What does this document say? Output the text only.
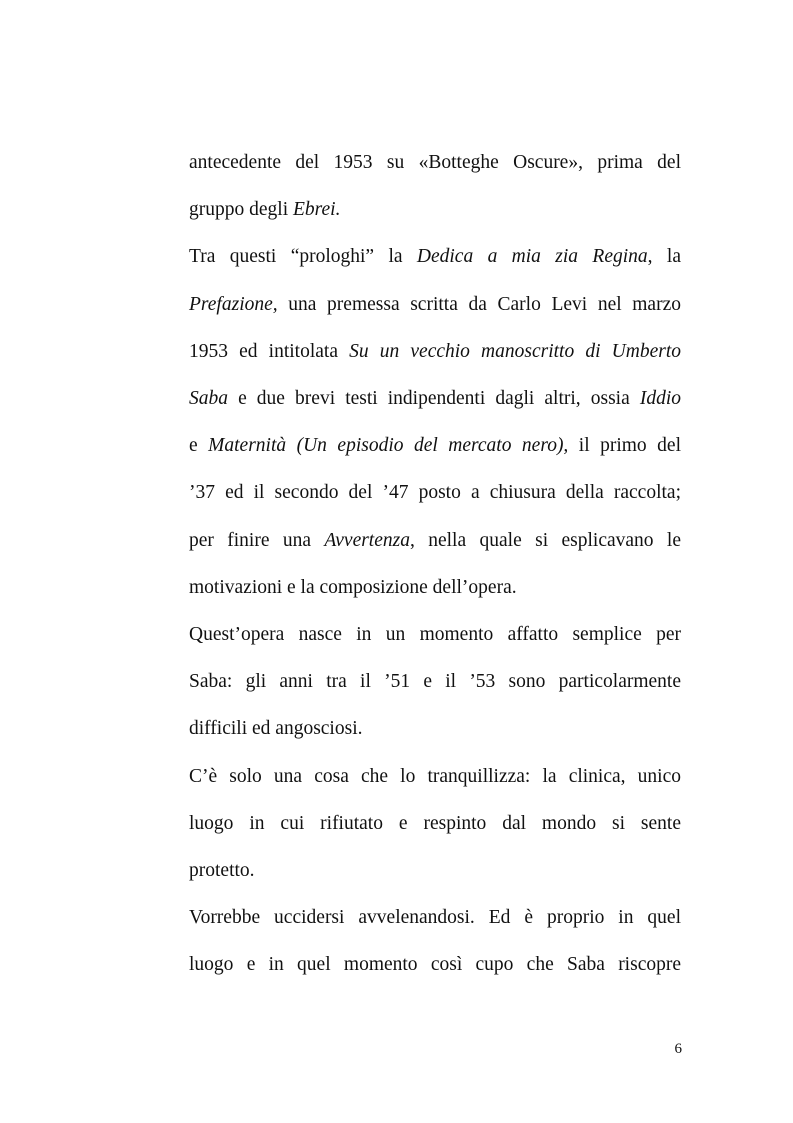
antecedente del 1953 su «Botteghe Oscure», prima del
gruppo degli Ebrei.
Tra questi “prologhi” la Dedica a mia zia Regina, la
Prefazione, una premessa scritta da Carlo Levi nel marzo
1953 ed intitolata Su un vecchio manoscritto di Umberto
Saba e due brevi testi indipendenti dagli altri, ossia Iddio
e Maternità (Un episodio del mercato nero), il primo del
’37 ed il secondo del ’47 posto a chiusura della raccolta;
per finire una Avvertenza, nella quale si esplicavano le
motivazioni e la composizione dell’opera.
Quest’opera nasce in un momento affatto semplice per
Saba: gli anni tra il ’51 e il ’53 sono particolarmente
difficili ed angosciosi.
C’è solo una cosa che lo tranquillizza: la clinica, unico
luogo in cui rifiutato e respinto dal mondo si sente
protetto.
Vorrebbe uccidersi avvelenandosi. Ed è proprio in quel
luogo e in quel momento così cupo che Saba riscopre
6
